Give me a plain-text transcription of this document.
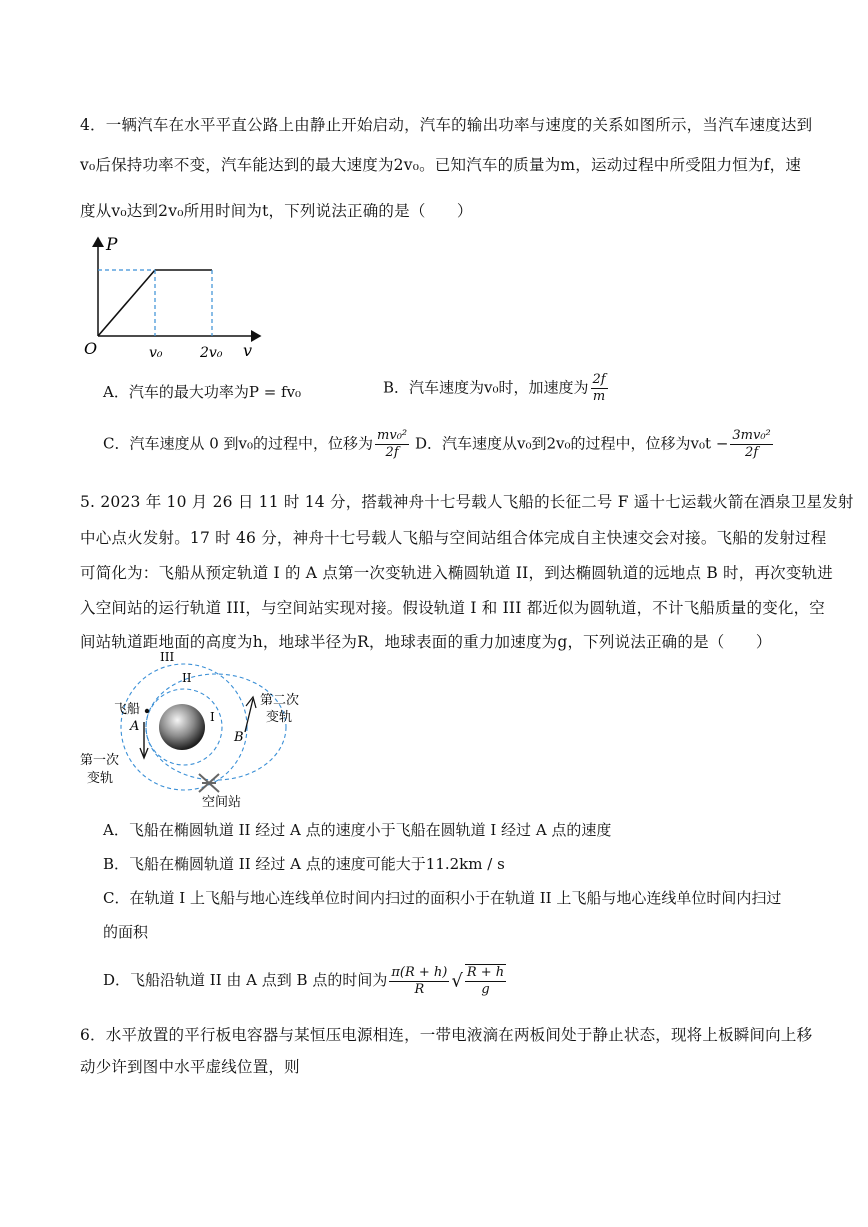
4．一辆汽车在水平平直公路上由静止开始启动，汽车的输出功率与速度的关系如图所示，当汽车速度达到
v₀后保持功率不变，汽车能达到的最大速度为2v₀。已知汽车的质量为m，运动过程中所受阻力恒为f，速
度从v₀达到2v₀所用时间为t，下列说法正确的是（　　）
P
v
O	v₀	2v₀
A．汽车的最大功率为P = fv₀	B．汽车速度为v₀时，加速度为 $\frac{2f}{m}$
C．汽车速度从 0 到v₀的过程中，位移为 $\frac{\text{mv₀²}}{2f}$ D．汽车速度从v₀到2v₀的过程中，位移为$v_0t - \frac{\text{3mv₀²}}{2f}$
5. 2023 年 10 月 26 日 11 时 14 分，搭载神舟十七号载人飞船的长征二号 F 遥十七运载火箭在酒泉卫星发射
中心点火发射。17 时 46 分，神舟十七号载人飞船与空间站组合体完成自主快速交会对接。飞船的发射过程
可简化为：飞船从预定轨道 I 的 A 点第一次变轨进入椭圆轨道 II，到达椭圆轨道的远地点 B 时，再次变轨进
入空间站的运行轨道 III，与空间站实现对接。假设轨道 I 和 III 都近似为圆轨道，不计飞船质量的变化，空
间站轨道距地面的高度为h，地球半径为R，地球表面的重力加速度为g，下列说法正确的是（　　）
III
II
I
飞船
A
B
第二次
变轨
第一次
变轨
空间站
A．飞船在椭圆轨道 II 经过 A 点的速度小于飞船在圆轨道 I 经过 A 点的速度
B．飞船在椭圆轨道 II 经过 A 点的速度可能大于11.2km / s
C．在轨道 I 上飞船与地心连线单位时间内扫过的面积小于在轨道 II 上飞船与地心连线单位时间内扫过
的面积
D．飞船沿轨道 II 由 A 点到 B 点的时间为 $\frac{\pi(R + h)}{R}$ √ $\frac{R + h}{g}$
6．水平放置的平行板电容器与某恒压电源相连，一带电液滴在两板间处于静止状态，现将上板瞬间向上移
动少许到图中水平虚线位置，则
